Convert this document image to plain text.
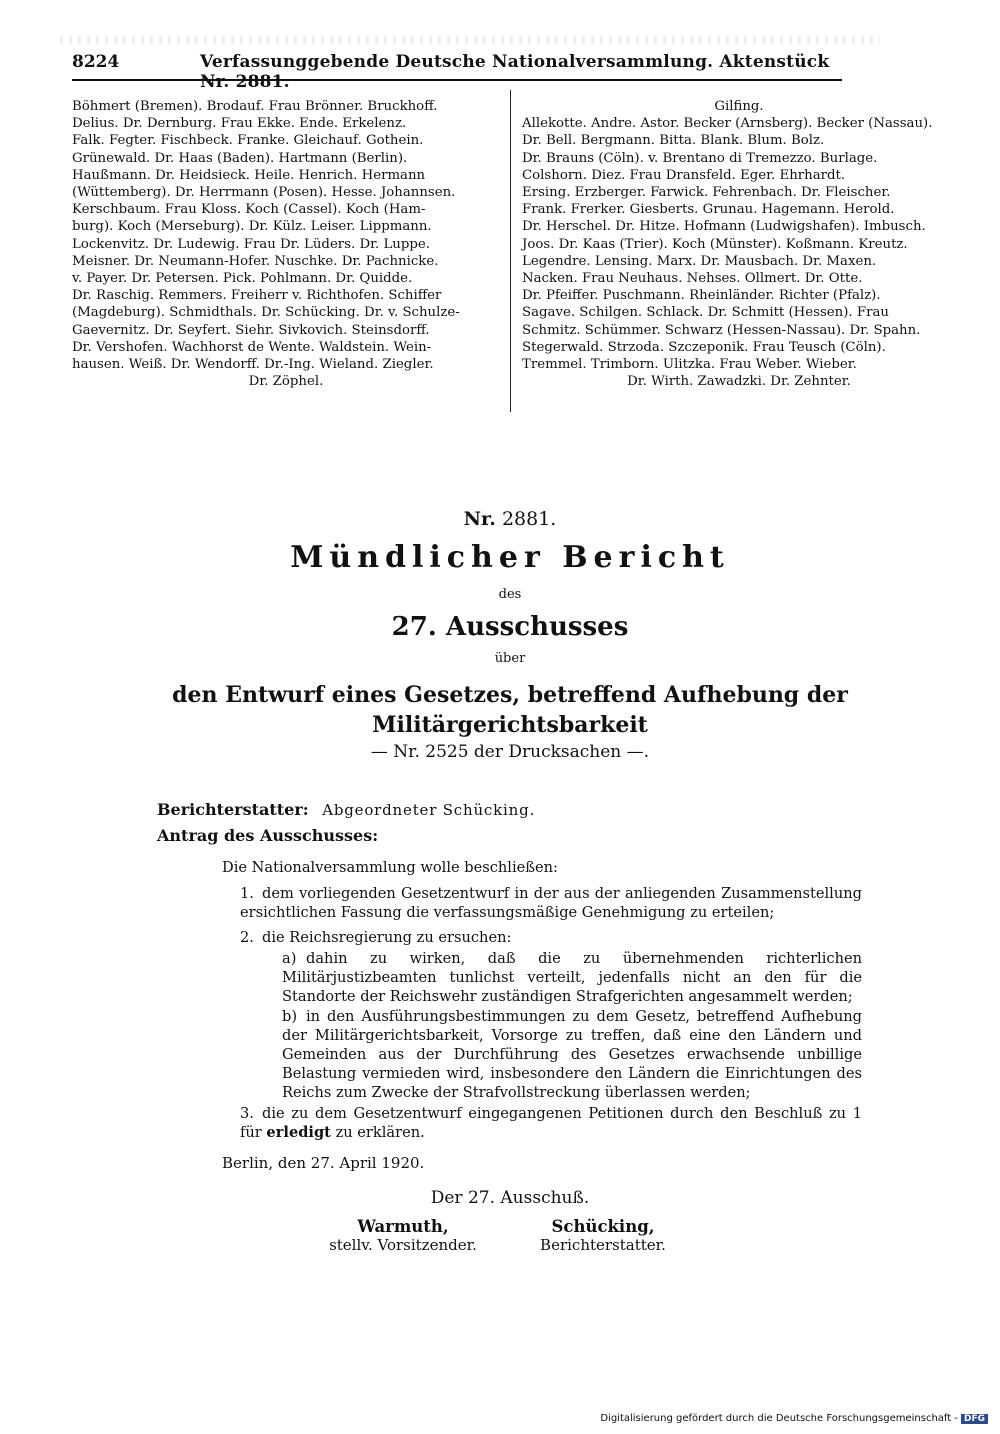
8224	Verfassunggebende Deutsche Nationalversammlung. Aktenstück Nr. 2881.
Böhmert (Bremen). Brodauf. Frau Brönner. Bruckhoff.
Delius. Dr. Dernburg. Frau Ekke. Ende. Erkelenz.
Falk. Fegter. Fischbeck. Franke. Gleichauf. Gothein.
Grünewald. Dr. Haas (Baden). Hartmann (Berlin).
Haußmann. Dr. Heidsieck. Heile. Henrich. Hermann
(Wüttemberg). Dr. Herrmann (Posen). Hesse. Johannsen.
Kerschbaum. Frau Kloss. Koch (Cassel). Koch (Ham-
burg). Koch (Merseburg). Dr. Külz. Leiser. Lippmann.
Lockenvitz. Dr. Ludewig. Frau Dr. Lüders. Dr. Luppe.
Meisner. Dr. Neumann-Hofer. Nuschke. Dr. Pachnicke.
v. Payer. Dr. Petersen. Pick. Pohlmann. Dr. Quidde.
Dr. Raschig. Remmers. Freiherr v. Richthofen. Schiffer
(Magdeburg). Schmidthals. Dr. Schücking. Dr. v. Schulze-
Gaevernitz. Dr. Seyfert. Siehr. Sivkovich. Steinsdorff.
Dr. Vershofen. Wachhorst de Wente. Waldstein. Wein-
hausen. Weiß. Dr. Wendorff. Dr.-Ing. Wieland. Ziegler.
Dr. Zöphel.
Gilfing.
Allekotte. Andre. Astor. Becker (Arnsberg). Becker (Nassau).
Dr. Bell. Bergmann. Bitta. Blank. Blum. Bolz.
Dr. Brauns (Cöln). v. Brentano di Tremezzo. Burlage.
Colshorn. Diez. Frau Dransfeld. Eger. Ehrhardt.
Ersing. Erzberger. Farwick. Fehrenbach. Dr. Fleischer.
Frank. Frerker. Giesberts. Grunau. Hagemann. Herold.
Dr. Herschel. Dr. Hitze. Hofmann (Ludwigshafen). Imbusch.
Joos. Dr. Kaas (Trier). Koch (Münster). Koßmann. Kreutz.
Legendre. Lensing. Marx. Dr. Mausbach. Dr. Maxen.
Nacken. Frau Neuhaus. Nehses. Ollmert. Dr. Otte.
Dr. Pfeiffer. Puschmann. Rheinländer. Richter (Pfalz).
Sagave. Schilgen. Schlack. Dr. Schmitt (Hessen). Frau
Schmitz. Schümmer. Schwarz (Hessen-Nassau). Dr. Spahn.
Stegerwald. Strzoda. Szczeponik. Frau Teusch (Cöln).
Tremmel. Trimborn. Ulitzka. Frau Weber. Wieber.
Dr. Wirth. Zawadzki. Dr. Zehnter.
Nr. 2881.
Mündlicher Bericht
des
27. Ausschusses
über
den Entwurf eines Gesetzes, betreffend Aufhebung der Militärgerichtsbarkeit
— Nr. 2525 der Drucksachen —.
Berichterstatter: Abgeordneter Schücking.
Antrag des Ausschusses:
Die Nationalversammlung wolle beschließen:
1. dem vorliegenden Gesetzentwurf in der aus der anliegenden Zusammenstellung ersichtlichen Fassung die verfassungsmäßige Genehmigung zu erteilen;
2. die Reichsregierung zu ersuchen:
a) dahin zu wirken, daß die zu übernehmenden richterlichen Militärjustizbeamten tunlichst verteilt, jedenfalls nicht an den für die Standorte der Reichswehr zuständigen Strafgerichten angesammelt werden;
b) in den Ausführungsbestimmungen zu dem Gesetz, betreffend Aufhebung der Militärgerichtsbarkeit, Vorsorge zu treffen, daß eine den Ländern und Gemeinden aus der Durchführung des Gesetzes erwachsende unbillige Belastung vermieden wird, insbesondere den Ländern die Einrichtungen des Reichs zum Zwecke der Strafvollstreckung überlassen werden;
3. die zu dem Gesetzentwurf eingegangenen Petitionen durch den Beschluß zu 1 für erledigt zu erklären.
Berlin, den 27. April 1920.
Der 27. Ausschuß.
Warmuth,
stellv. Vorsitzender.
Schücking,
Berichterstatter.
Digitalisierung gefördert durch die Deutsche Forschungsgemeinschaft - DFG
